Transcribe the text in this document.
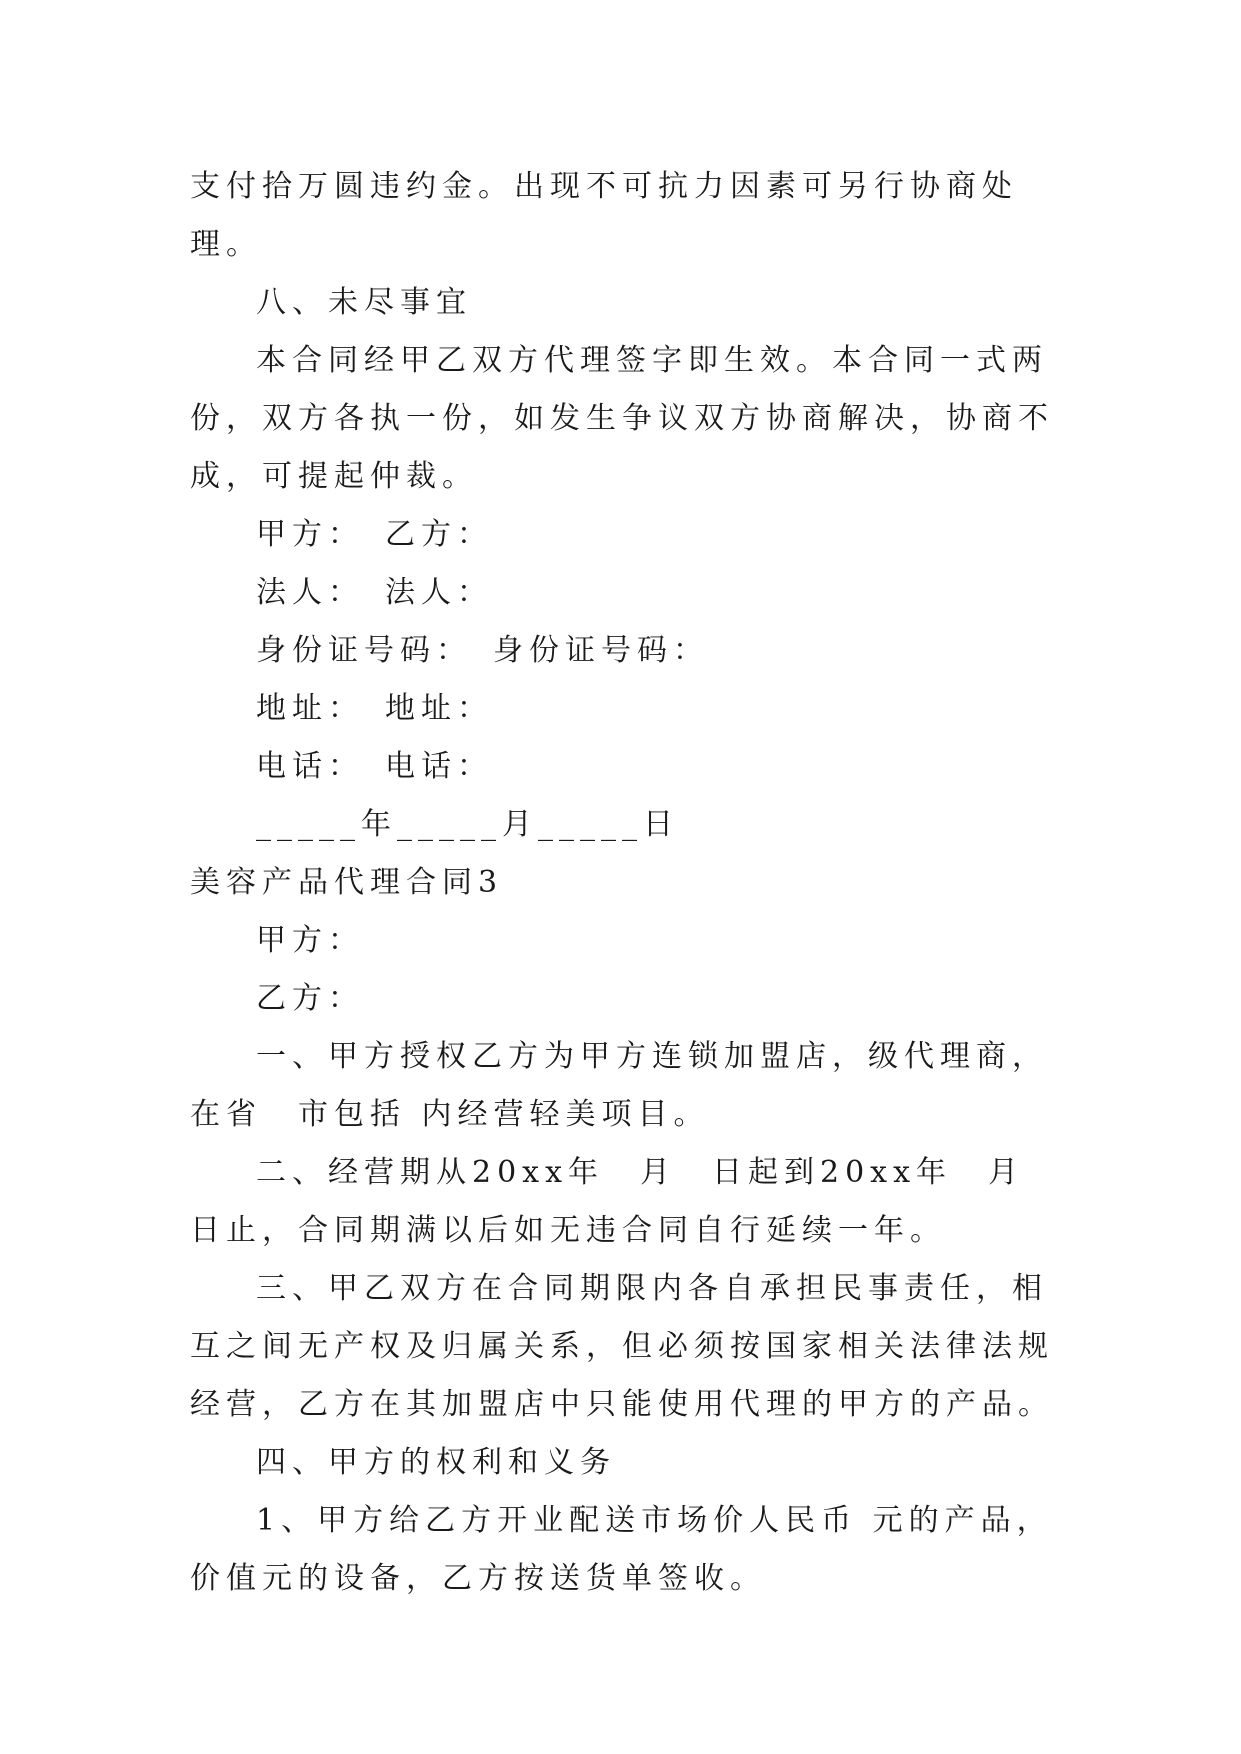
支付拾万圆违约金。出现不可抗力因素可另行协商处理。

八、未尽事宜

本合同经甲乙双方代理签字即生效。本合同一式两份，双方各执一份，如发生争议双方协商解决，协商不成，可提起仲裁。

甲方：　乙方：

法人：　法人：

身份证号码：　身份证号码：

地址：　地址：

电话：　电话：

_____年_____月_____日

美容产品代理合同3

甲方：

乙方：

一、甲方授权乙方为甲方连锁加盟店，级代理商，在省　市包括 内经营轻美项目。

二、经营期从20xx年　月　日起到20xx年　月　日止，合同期满以后如无违合同自行延续一年。

三、甲乙双方在合同期限内各自承担民事责任，相互之间无产权及归属关系，但必须按国家相关法律法规经营，乙方在其加盟店中只能使用代理的甲方的产品。

四、甲方的权利和义务

1、甲方给乙方开业配送市场价人民币 元的产品，价值元的设备，乙方按送货单签收。
